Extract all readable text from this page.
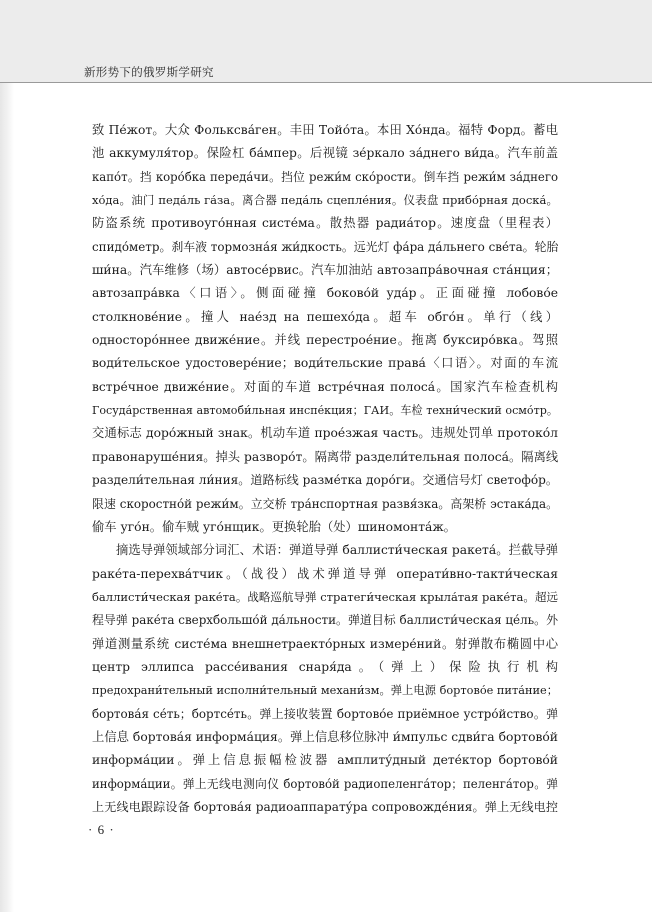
新形势下的俄罗斯学研究
致 Пе́жот。大众 Фольксва́ген。丰田 Тойо́та。本田 Хо́нда。福特 Форд。蓄电
池 аккумуля́тор。保险杠 ба́мпер。后视镜 зе́ркало за́днего ви́да。汽车前盖
капо́т。挡 коро́бка переда́чи。挡位 режи́м ско́рости。倒车挡 режи́м за́днего
хо́да。油门 педа́ль га́за。离合器 педа́ль сцепле́ния。仪表盘 прибо́рная доска́。
防盗系统 противоуго́нная систе́ма。散热器 радиа́тор。速度盘（里程表）
спидо́метр。刹车液 тормозна́я жи́дкость。远光灯 фа́ра да́льнего све́та。轮胎
ши́на。汽车维修（场）автосе́рвис。汽车加油站 автозапра́вочная ста́нция；
автозапра́вка〈口语〉。侧面碰撞 боково́й уда́р。正面碰撞 лобово́е
столкнове́ние。撞人 нае́зд на пешехо́да。超车 обго́н。单行（线）
односторо́ннее движе́ние。并线 перестрое́ние。拖离 буксиро́вка。驾照
води́тельское удостовере́ние；води́тельские права́〈口语〉。对面的车流
встре́чное движе́ние。对面的车道 встре́чная полоса́。国家汽车检查机构
Госуда́рственная автомоби́льная инспе́кция；ГАИ。车检 техни́ческий осмо́тр。
交通标志 доро́жный знак。机动车道 прое́зжая часть。违规处罚单 протоко́л
правонаруше́ния。掉头 разворо́т。隔离带 раздели́тельная полоса́。隔离线
раздели́тельная ли́ния。道路标线 разме́тка доро́ги。交通信号灯 светофо́р。
限速 скоростно́й режи́м。立交桥 тра́нспортная развя́зка。高架桥 эстака́да。
偷车 уго́н。偷车贼 уго́нщик。更换轮胎（处）шиномонта́ж。
摘选导弹领域部分词汇、术语：弹道导弹 баллисти́ческая ракета́。拦截导弹
раке́та-перехва́тчик。（战役）战术弹道导弹 операти́вно-такти́ческая
баллисти́ческая раке́та。战略巡航导弹 стратеги́ческая крыла́тая раке́та。超远
程导弹 раке́та сверхбольшо́й да́льности。弹道目标 баллисти́ческая це́ль。外
弹道测量系统 систе́ма внешнетраекто́рных измере́ний。射弹散布椭圆中心
центр эллипса рассе́ивания снаря́да。（弹上）保险执行机构
предохрани́тельный исполни́тельный механи́зм。弹上电源 бортово́е пита́ние；
бортова́я се́ть；бортсе́ть。弹上接收装置 бортово́е приёмное устро́йство。弹
上信息 бортова́я информа́ция。弹上信息移位脉冲 и́мпульс сдви́га бортово́й
информа́ции。弹上信息振幅检波器 амплиту́дный дете́ктор бортово́й
информа́ции。弹上无线电测向仪 бортово́й радиопеленга́тор；пеленга́тор。弹
上无线电跟踪设备 бортова́я радиоаппарату́ра сопровожде́ния。弹上无线电控
· 6 ·
